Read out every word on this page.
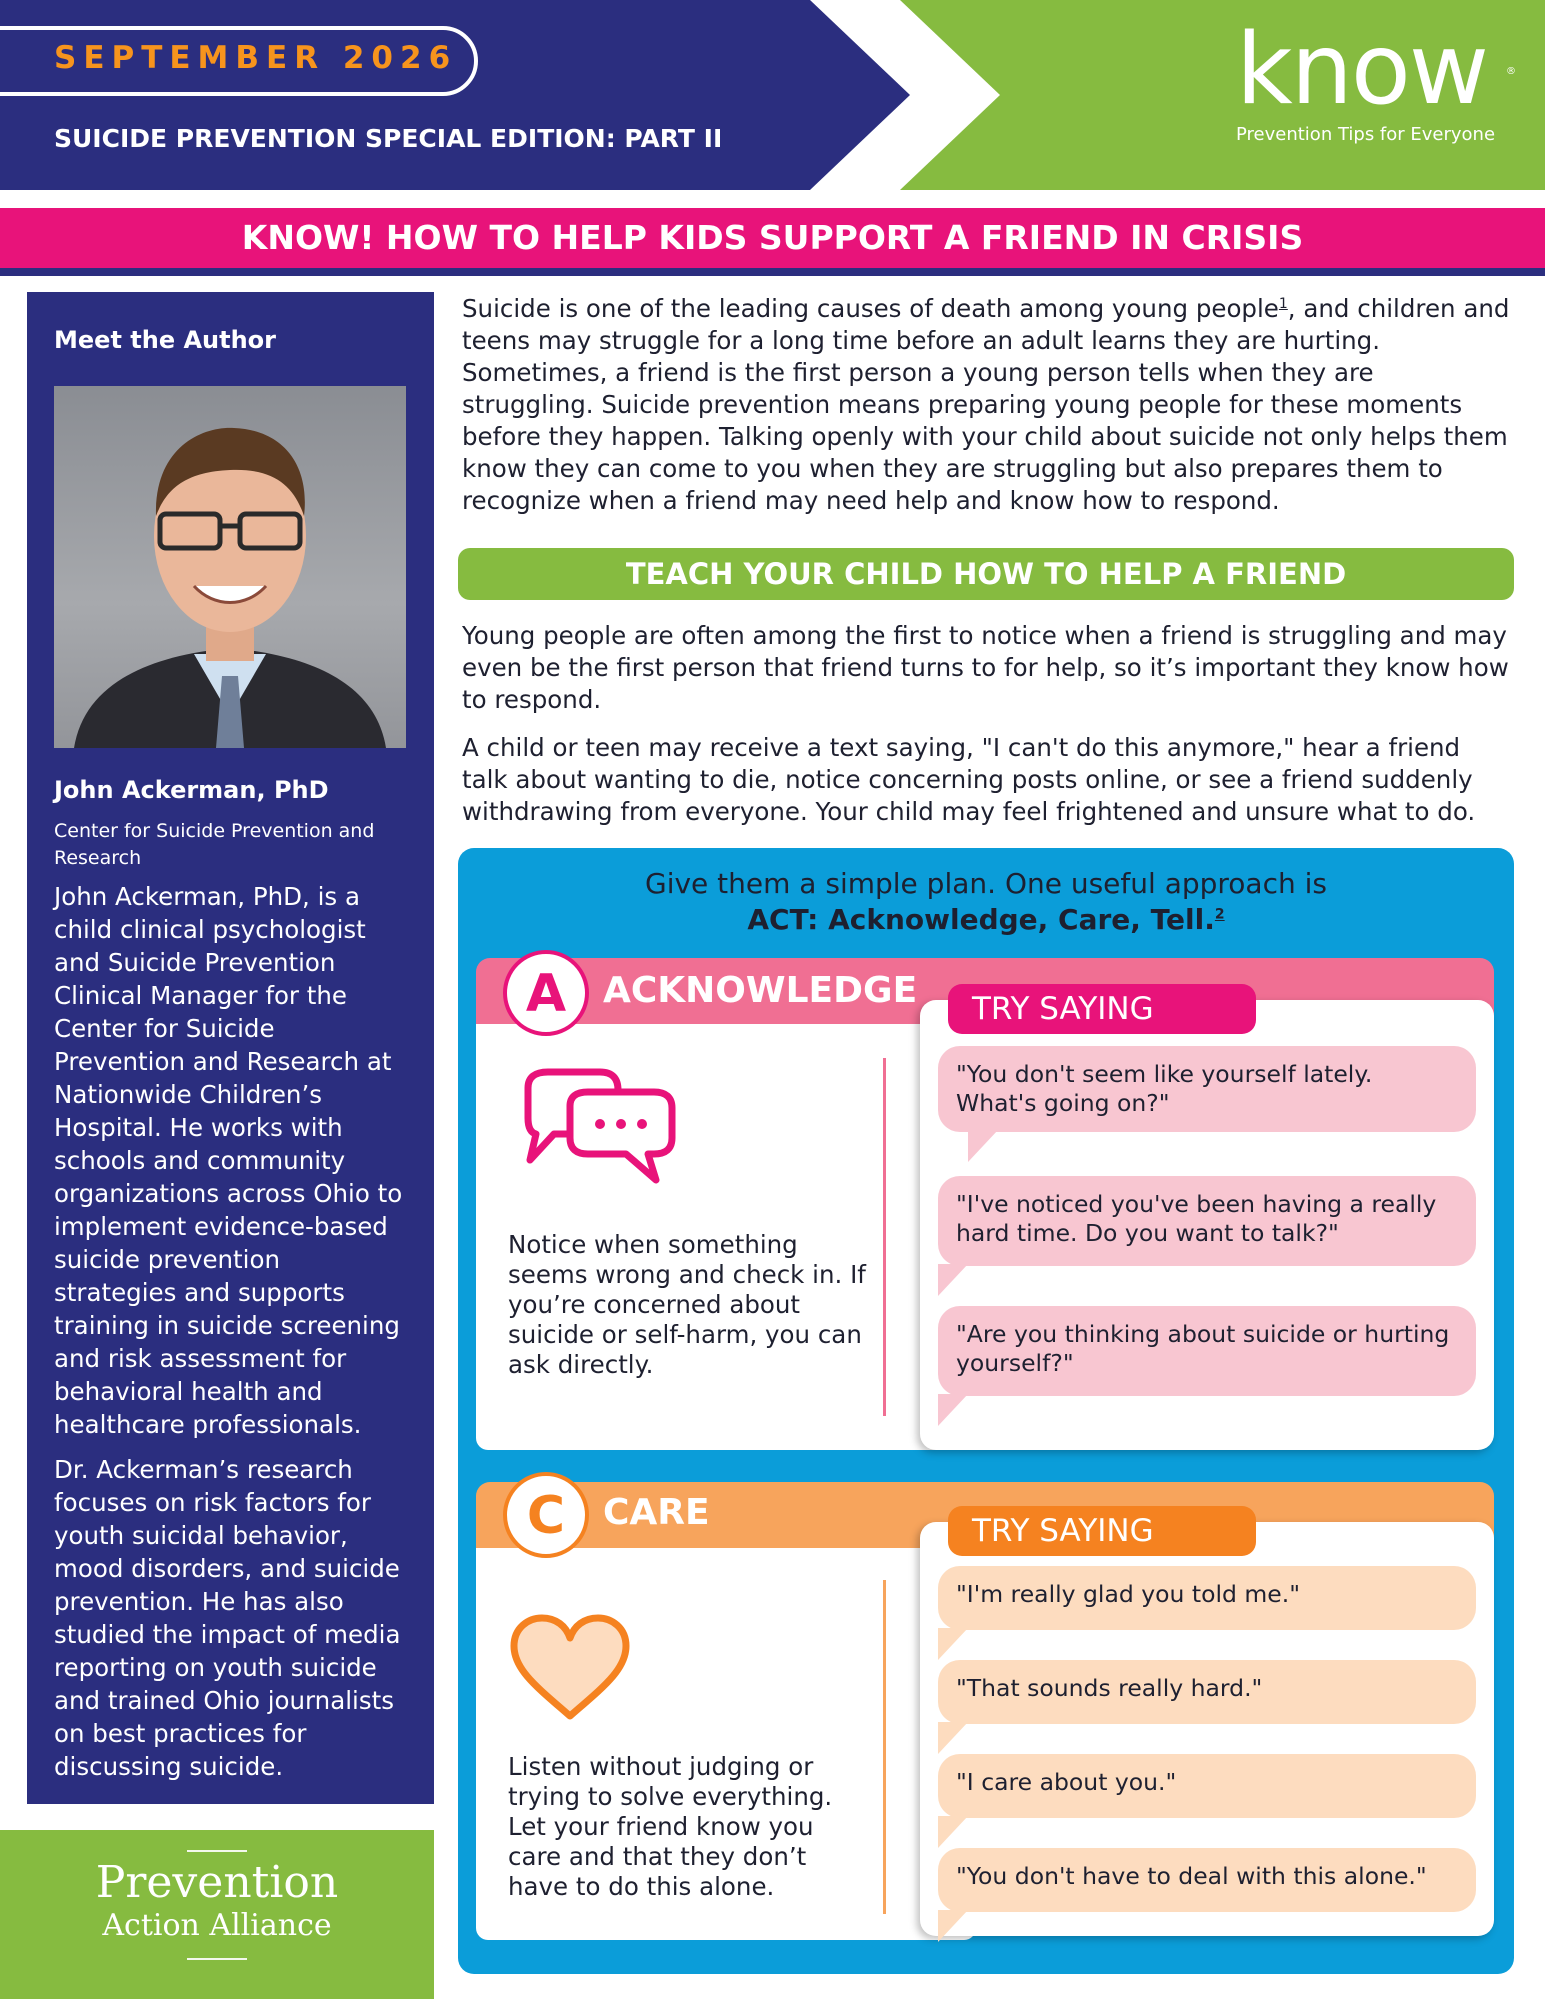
SEPTEMBER 2026
SUICIDE PREVENTION SPECIAL EDITION: PART II
know	®
Prevention Tips for Everyone
KNOW! HOW TO HELP KIDS SUPPORT A FRIEND IN CRISIS
Meet the Author
John Ackerman, PhD
Center for Suicide Prevention and Research

John Ackerman, PhD, is a child clinical psychologist and Suicide Prevention Clinical Manager for the Center for Suicide Prevention and Research at Nationwide Children’s Hospital. He works with schools and community organizations across Ohio to implement evidence-based suicide prevention strategies and supports training in suicide screening and risk assessment for behavioral health and healthcare professionals.

Dr. Ackerman’s research focuses on risk factors for youth suicidal behavior, mood disorders, and suicide prevention. He has also studied the impact of media reporting on youth suicide and trained Ohio journalists on best practices for discussing suicide.

Prevention
Action Alliance

Suicide is one of the leading causes of death among young people$^1$, and children and teens may struggle for a long time before an adult learns they are hurting. Sometimes, a friend is the first person a young person tells when they are struggling. Suicide prevention means preparing young people for these moments before they happen. Talking openly with your child about suicide not only helps them know they can come to you when they are struggling but also prepares them to recognize when a friend may need help and know how to respond.

TEACH YOUR CHILD HOW TO HELP A FRIEND

Young people are often among the first to notice when a friend is struggling and may even be the first person that friend turns to for help, so it’s important they know how to respond.

A child or teen may receive a text saying, "I can't do this anymore," hear a friend talk about wanting to die, notice concerning posts online, or see a friend suddenly withdrawing from everyone. Your child may feel frightened and unsure what to do.

Give them a simple plan. One useful approach is
ACT: Acknowledge, Care, Tell.$^2$
A	ACKNOWLEDGE
Notice when something seems wrong and check in. If you’re concerned about suicide or self-harm, you can ask directly.
TRY SAYING
"You don't seem like yourself lately. What's going on?"
"I've noticed you've been having a really hard time. Do you want to talk?"
"Are you thinking about suicide or hurting yourself?"
C	CARE
Listen without judging or trying to solve everything. Let your friend know you care and that they don’t have to do this alone.
TRY SAYING
"I'm really glad you told me."
"That sounds really hard."
"I care about you."
"You don't have to deal with this alone."
